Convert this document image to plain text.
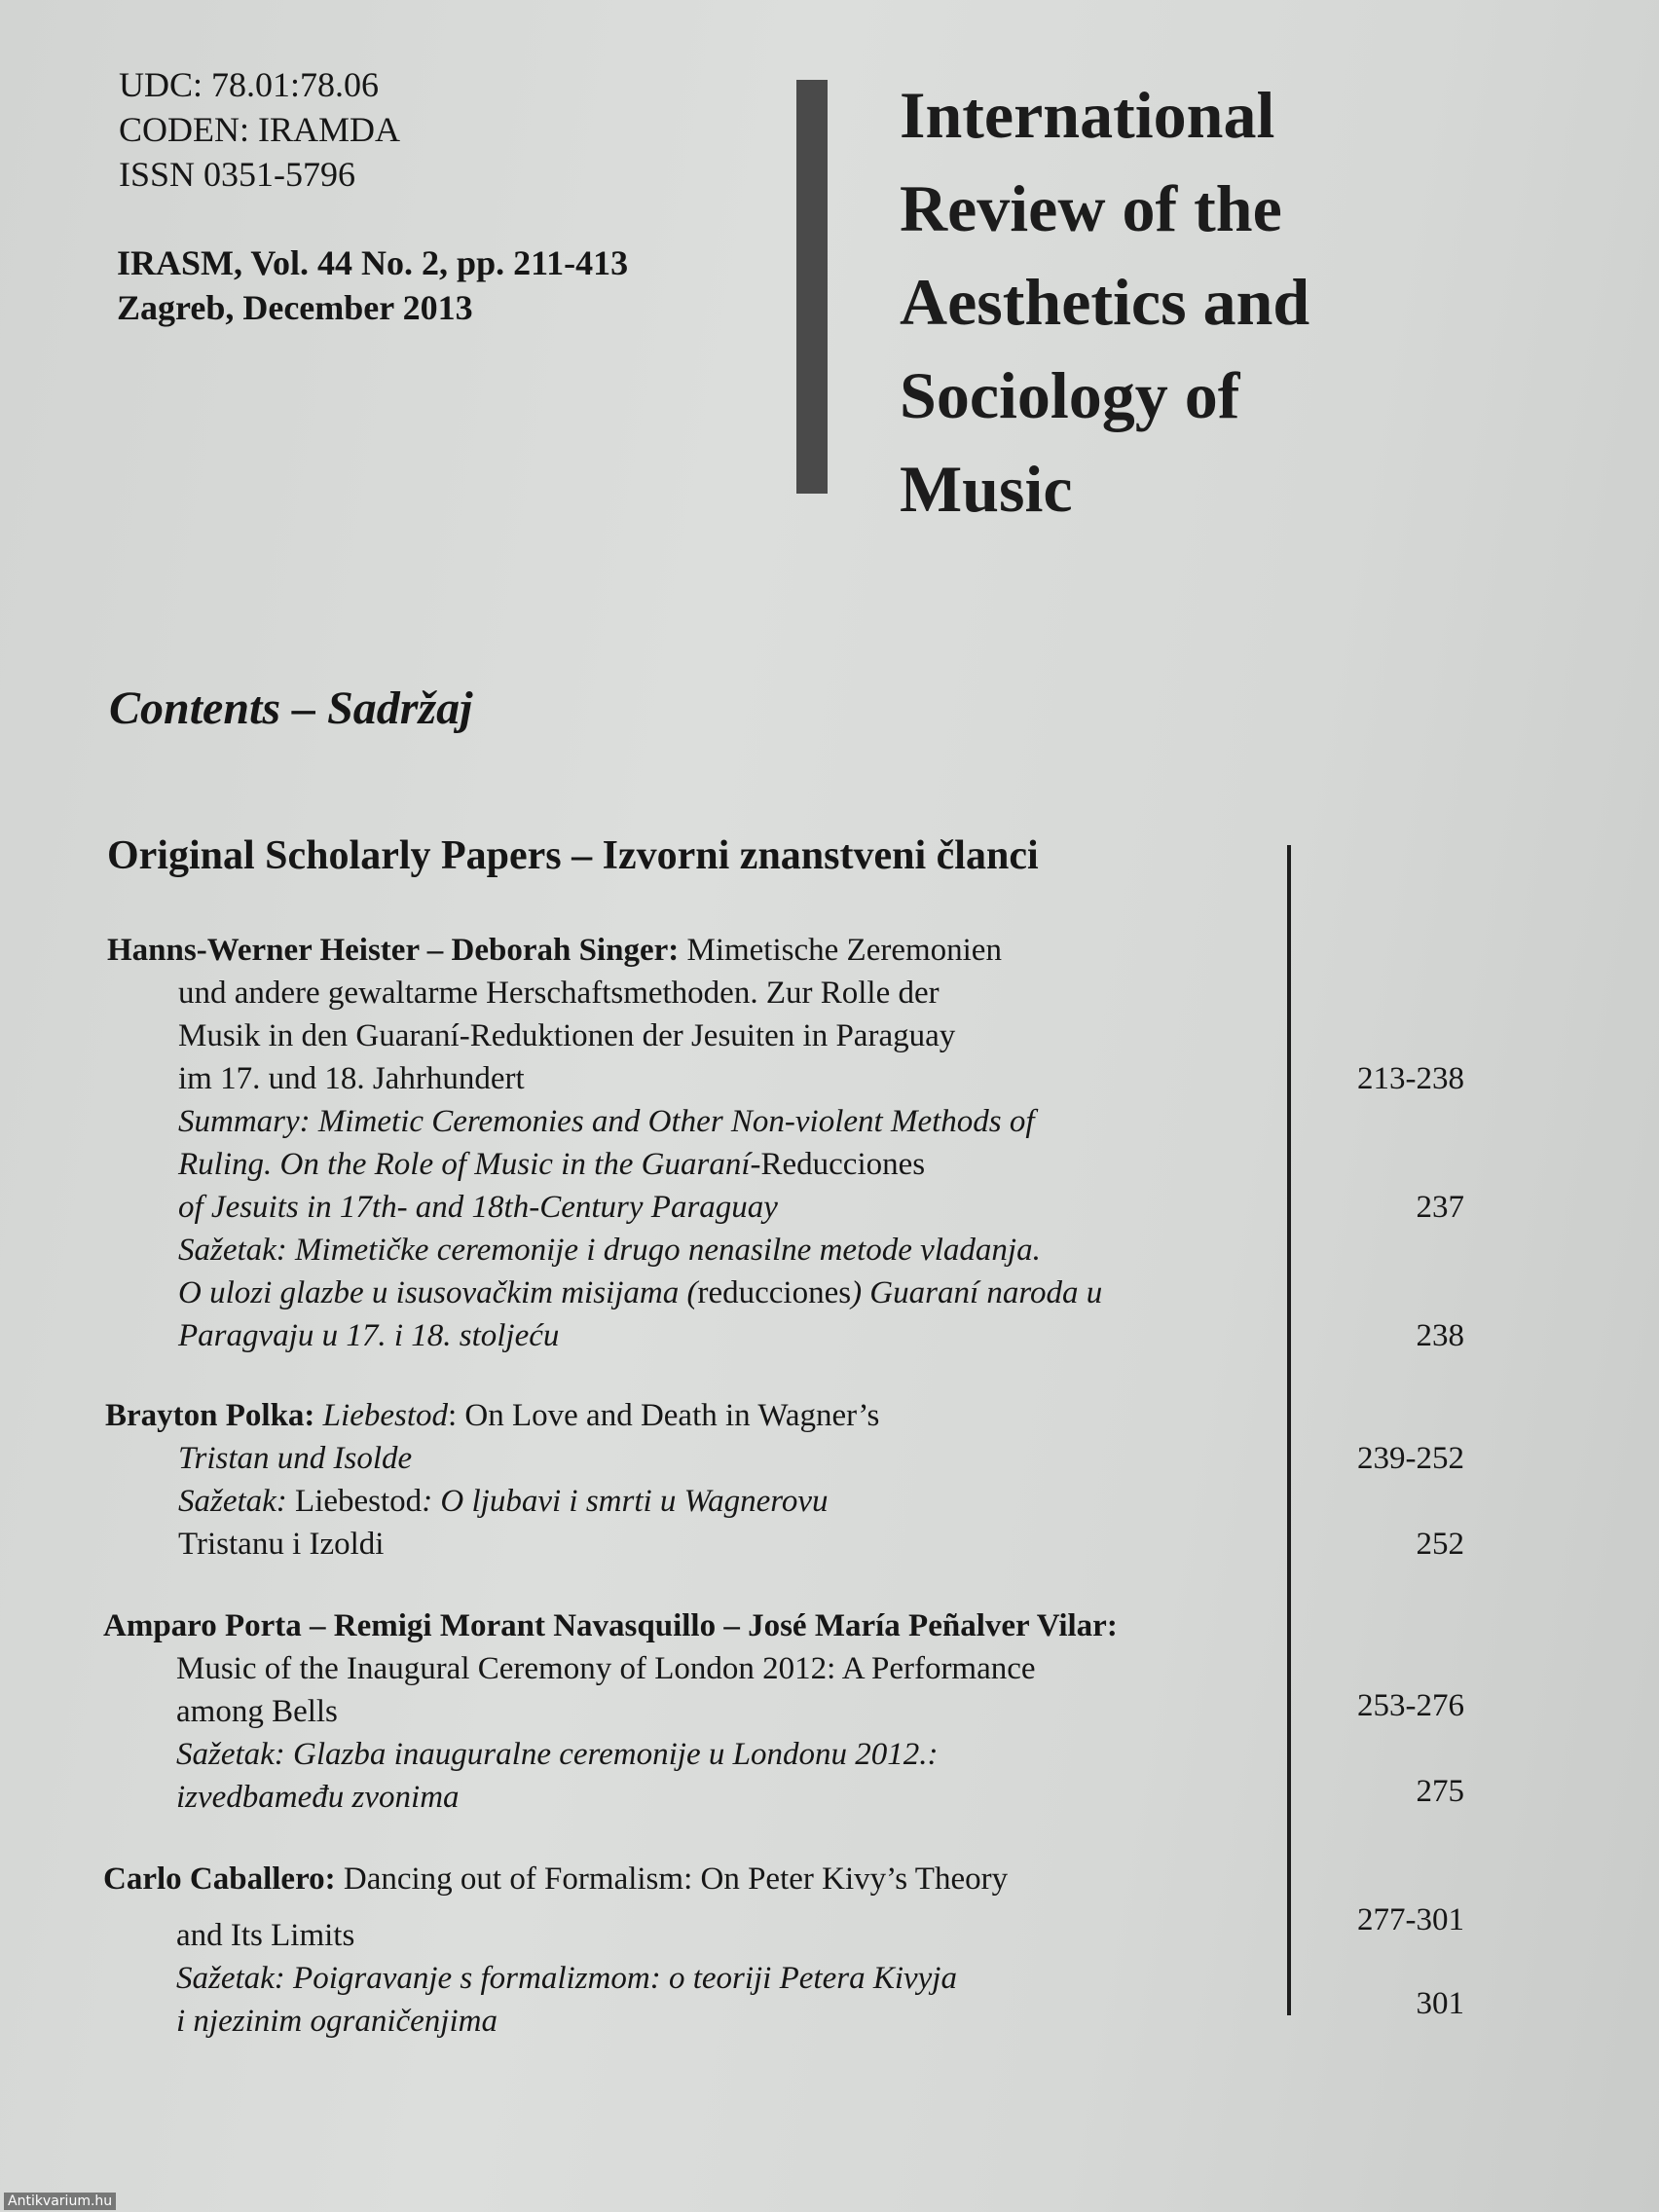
UDC: 78.01:78.06
CODEN: IRAMDA
ISSN 0351-5796
IRASM, Vol. 44 No. 2, pp. 211-413
Zagreb, December 2013
International
Review of the
Aesthetics and
Sociology of
Music
Contents – Sadržaj
Original Scholarly Papers – Izvorni znanstveni članci
Hanns-Werner Heister – Deborah Singer: Mimetische Zeremonien
und andere gewaltarme Herschaftsmethoden. Zur Rolle der
Musik in den Guaraní-Reduktionen der Jesuiten in Paraguay
im 17. und 18. Jahrhundert	213-238
Summary: Mimetic Ceremonies and Other Non-violent Methods of
Ruling. On the Role of Music in the Guaraní-Reducciones
of Jesuits in 17th- and 18th-Century Paraguay	237
Sažetak: Mimetičke ceremonije i drugo nenasilne metode vladanja.
O ulozi glazbe u isusovačkim misijama (reducciones) Guaraní naroda u
Paragvaju u 17. i 18. stoljeću	238
Brayton Polka: Liebestod: On Love and Death in Wagner’s
Tristan und Isolde	239-252
Sažetak: Liebestod: O ljubavi i smrti u Wagnerovu
Tristanu i Izoldi	252
Amparo Porta – Remigi Morant Navasquillo – José María Peñalver Vilar:
Music of the Inaugural Ceremony of London 2012: A Performance
among Bells	253-276
Sažetak: Glazba inauguralne ceremonije u Londonu 2012.:
izvedbameđu zvonima	275
Carlo Caballero: Dancing out of Formalism: On Peter Kivy’s Theory
and Its Limits	277-301
Sažetak: Poigravanje s formalizmom: o teoriji Petera Kivyja
i njezinim ograničenjima	301
Antikvarium.hu
